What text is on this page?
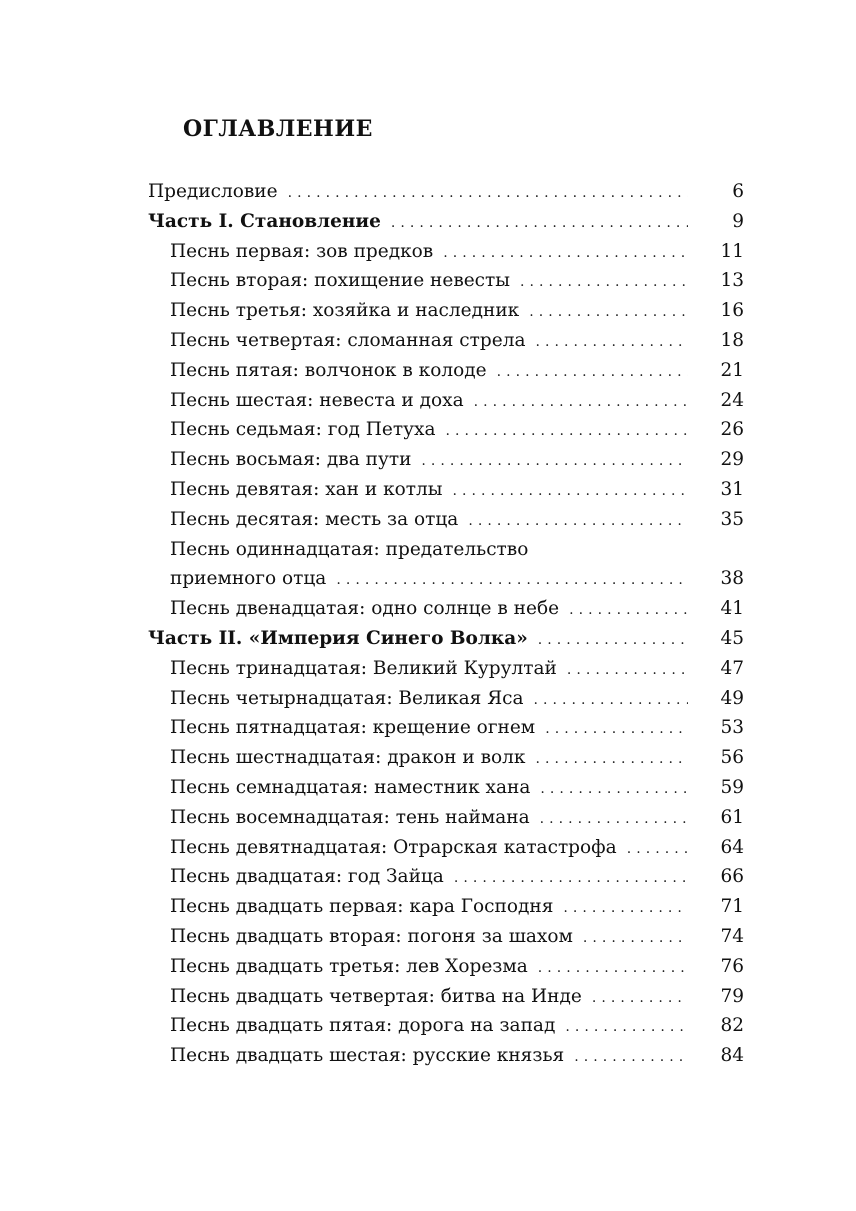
оглавление
Предисловие . . .	6
Часть I. Становление . . .	9
Песнь первая: зов предков . . .	11
Песнь вторая: похищение невесты . . .	13
Песнь третья: хозяйка и наследник . . .	16
Песнь четвертая: сломанная стрела . . .	18
Песнь пятая: волчонок в колоде . . .	21
Песнь шестая: невеста и доха . . .	24
Песнь седьмая: год Петуха . . .	26
Песнь восьмая: два пути . . .	29
Песнь девятая: хан и котлы . . .	31
Песнь десятая: месть за отца . . .	35
Песнь одиннадцатая: предательство
приемного отца . . .	38
Песнь двенадцатая: одно солнце в небе . . .	41
Часть II. «Империя Синего Волка» . . .	45
Песнь тринадцатая: Великий Курултай . . .	47
Песнь четырнадцатая: Великая Яса . . .	49
Песнь пятнадцатая: крещение огнем . . .	53
Песнь шестнадцатая: дракон и волк . . .	56
Песнь семнадцатая: наместник хана . . .	59
Песнь восемнадцатая: тень наймана . . .	61
Песнь девятнадцатая: Отрарская катастрофа . . .	64
Песнь двадцатая: год Зайца . . .	66
Песнь двадцать первая: кара Господня . . .	71
Песнь двадцать вторая: погоня за шахом . . .	74
Песнь двадцать третья: лев Хорезма . . .	76
Песнь двадцать четвертая: битва на Инде . . .	79
Песнь двадцать пятая: дорога на запад . . .	82
Песнь двадцать шестая: русские князья . . .	84
